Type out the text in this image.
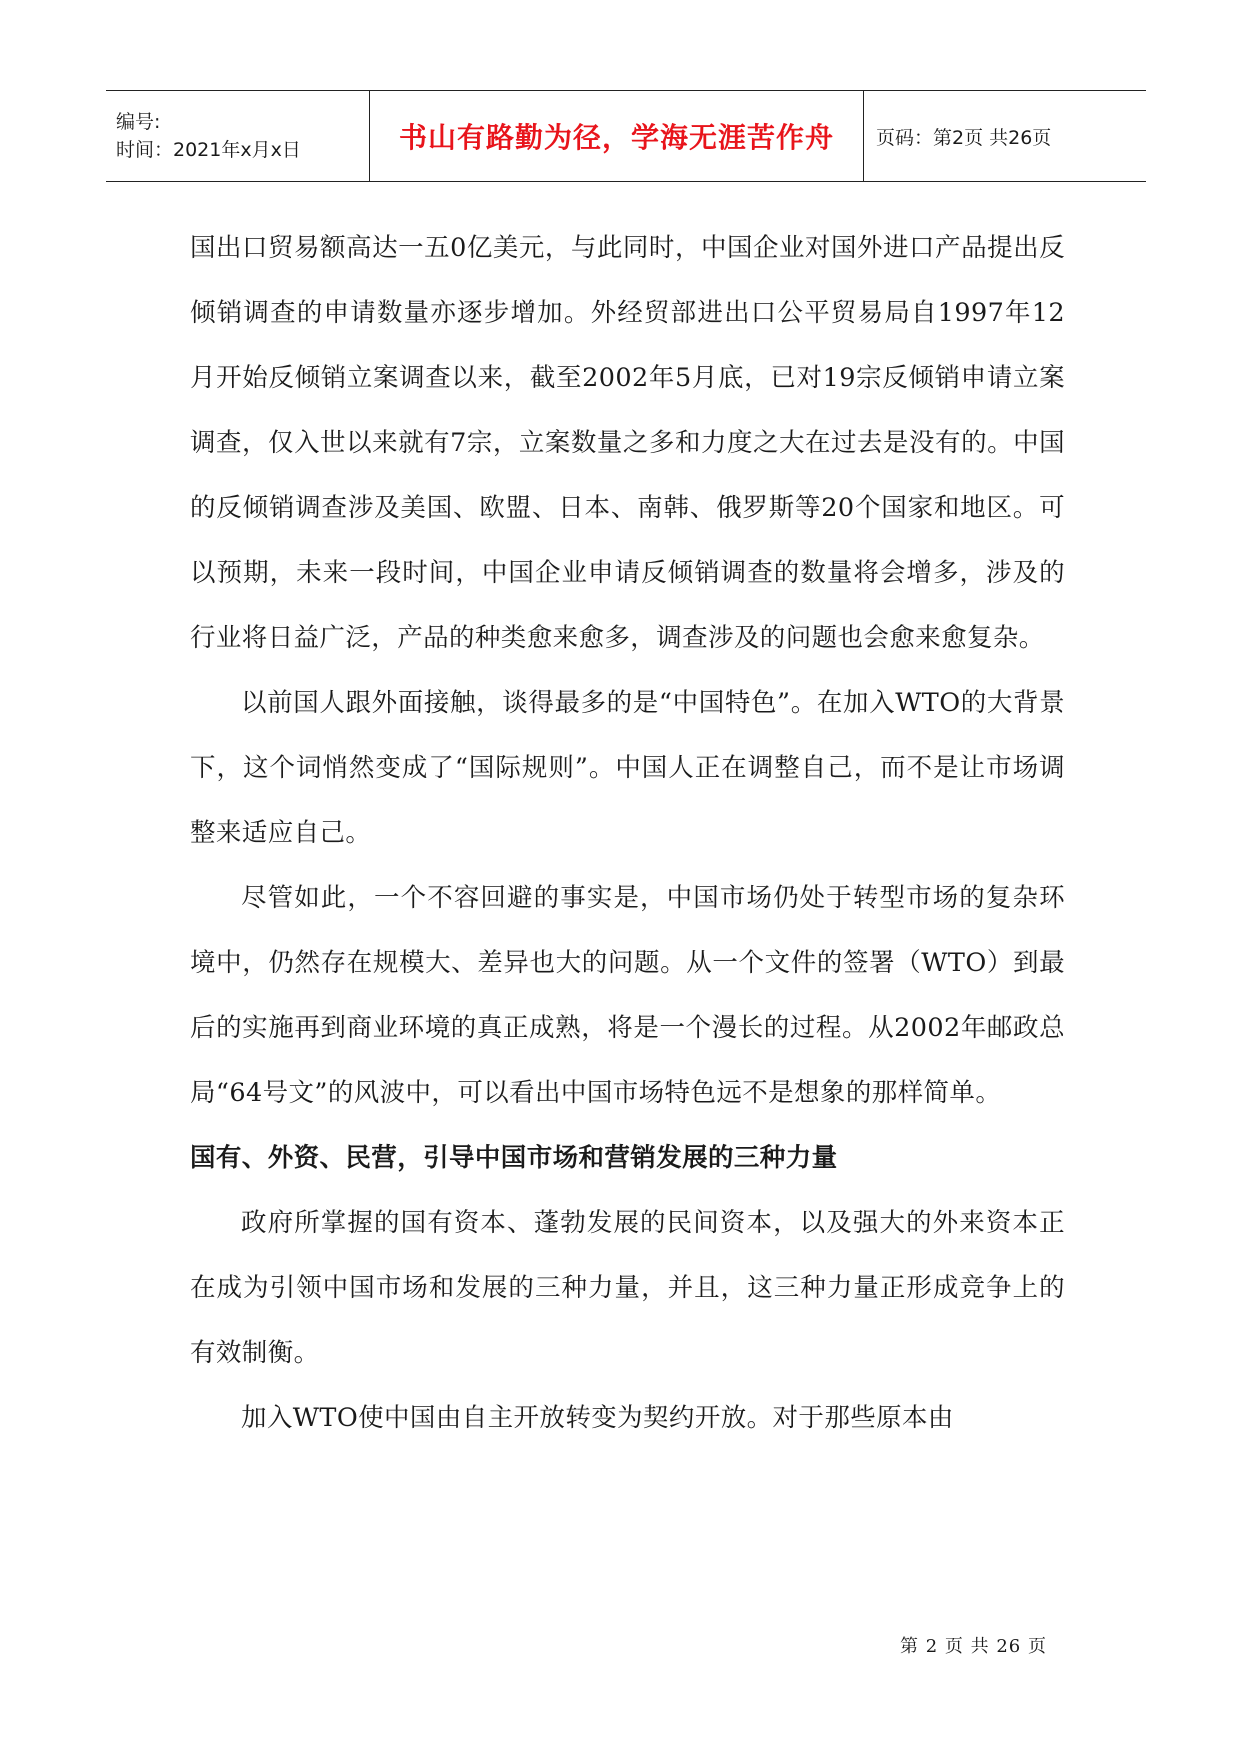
编号:
时间：2021年x月x日	书山有路勤为径，学海无涯苦作舟 页码：第2页 共26页

国出口贸易额高达一五0亿美元，与此同时，中国企业对国外进口产品提出反倾销调查的申请数量亦逐步增加。外经贸部进出口公平贸易局自1997年12月开始反倾销立案调查以来，截至2002年5月底，已对19宗反倾销申请立案调查，仅入世以来就有7宗，立案数量之多和力度之大在过去是没有的。中国的反倾销调查涉及美国、欧盟、日本、南韩、俄罗斯等20个国家和地区。可以预期，未来一段时间，中国企业申请反倾销调查的数量将会增多，涉及的行业将日益广泛，产品的种类愈来愈多，调查涉及的问题也会愈来愈复杂。

以前国人跟外面接触，谈得最多的是“中国特色”。在加入WTO的大背景下，这个词悄然变成了“国际规则”。中国人正在调整自己，而不是让市场调整来适应自己。

尽管如此，一个不容回避的事实是，中国市场仍处于转型市场的复杂环境中，仍然存在规模大、差异也大的问题。从一个文件的签署（WTO）到最后的实施再到商业环境的真正成熟，将是一个漫长的过程。从2002年邮政总局“64号文”的风波中，可以看出中国市场特色远不是想象的那样简单。

国有、外资、民营，引导中国市场和营销发展的三种力量

政府所掌握的国有资本、蓬勃发展的民间资本，以及强大的外来资本正在成为引领中国市场和发展的三种力量，并且，这三种力量正形成竞争上的有效制衡。

加入WTO使中国由自主开放转变为契约开放。对于那些原本由

第 2 页 共 26 页
